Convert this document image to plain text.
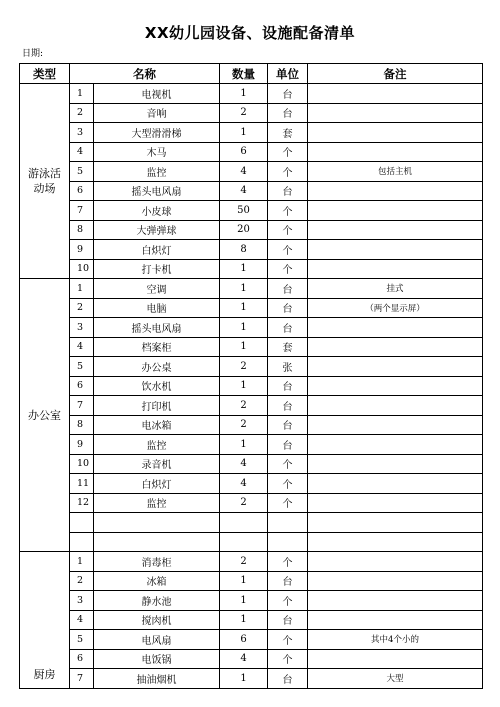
XX幼儿园设备、设施配备清单
日期:
类型	名称		数量	单位	备注
游泳活动场	1	电视机	1	台	
	2	音响	2	台	
	3	大型滑滑梯	1	套	
	4	木马	6	个	
	5	监控	4	个	包括主机
	6	摇头电风扇	4	台	
	7	小皮球	50	个	
	8	大弹弹球	20	个	
	9	白炽灯	8	个	
	10	打卡机	1	个	
办公室	1	空调	1	台	挂式
	2	电脑	1	台	（两个显示屏）
	3	摇头电风扇	1	台	
	4	档案柜	1	套	
	5	办公桌	2	张	
	6	饮水机	1	台	
	7	打印机	2	台	
	8	电冰箱	2	台	
	9	监控	1	台	
	10	录音机	4	个	
	11	白炽灯	4	个	
	12	监控	2	个	

厨房	1	消毒柜	2	个	
	2	冰箱	1	台	
	3	静水池	1	个	
	4	搅肉机	1	台	
	5	电风扇	6	个	其中4个小的
	6	电饭锅	4	个	
	7	抽油烟机	1	台	大型
